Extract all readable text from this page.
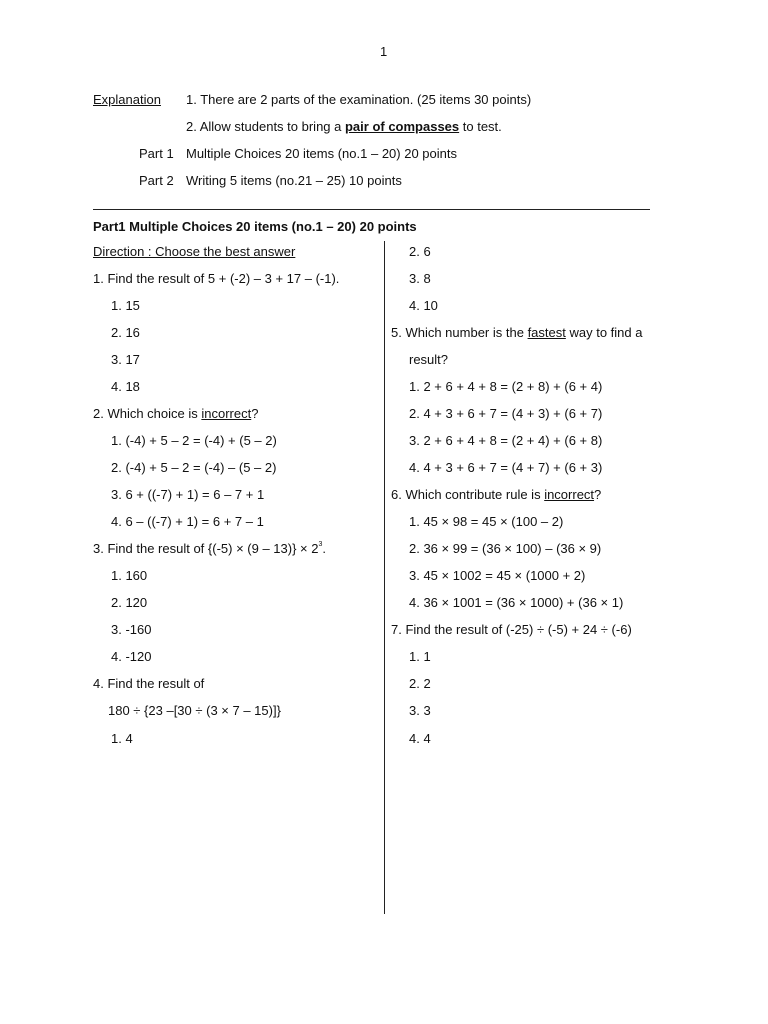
1
Explanation 1. There are 2 parts of the examination. (25 items 30 points)
2. Allow students to bring a pair of compasses to test.
Part 1 Multiple Choices 20 items (no.1 – 20) 20 points
Part 2 Writing 5 items (no.21 – 25) 10 points
Part1 Multiple Choices 20 items (no.1 – 20) 20 points
Direction : Choose the best answer
1. Find the result of 5 + (-2) – 3 + 17 – (-1).
1. 15
2. 16
3. 17
4. 18
2. Which choice is incorrect?
1. (-4) + 5 – 2 = (-4) + (5 – 2)
2. (-4) + 5 – 2 = (-4) – (5 – 2)
3. 6 + ((-7) + 1) = 6 – 7 + 1
4. 6 – ((-7) + 1) = 6 + 7 – 1
3. Find the result of $\{(-5) \times (9 - 13)\} \times 2^3$.
1. 160
2. 120
3. -160
4. -120
4. Find the result of
180 ÷ {23 –[30 ÷ (3 × 7 – 15)]}
1. 4
2. 6
3. 8
4. 10
5. Which number is the fastest way to find a
result?
1. 2 + 6 + 4 + 8 = (2 + 8) + (6 + 4)
2. 4 + 3 + 6 + 7 = (4 + 3) + (6 + 7)
3. 2 + 6 + 4 + 8 = (2 + 4) + (6 + 8)
4. 4 + 3 + 6 + 7 = (4 + 7) + (6 + 3)
6. Which contribute rule is incorrect?
1. 45 × 98 = 45 × (100 – 2)
2. 36 × 99 = (36 × 100) – (36 × 9)
3. 45 × 1002 = 45 × (1000 + 2)
4. 36 × 1001 = (36 × 1000) + (36 × 1)
7. Find the result of (-25) ÷ (-5) + 24 ÷ (-6)
1. 1
2. 2
3. 3
4. 4
